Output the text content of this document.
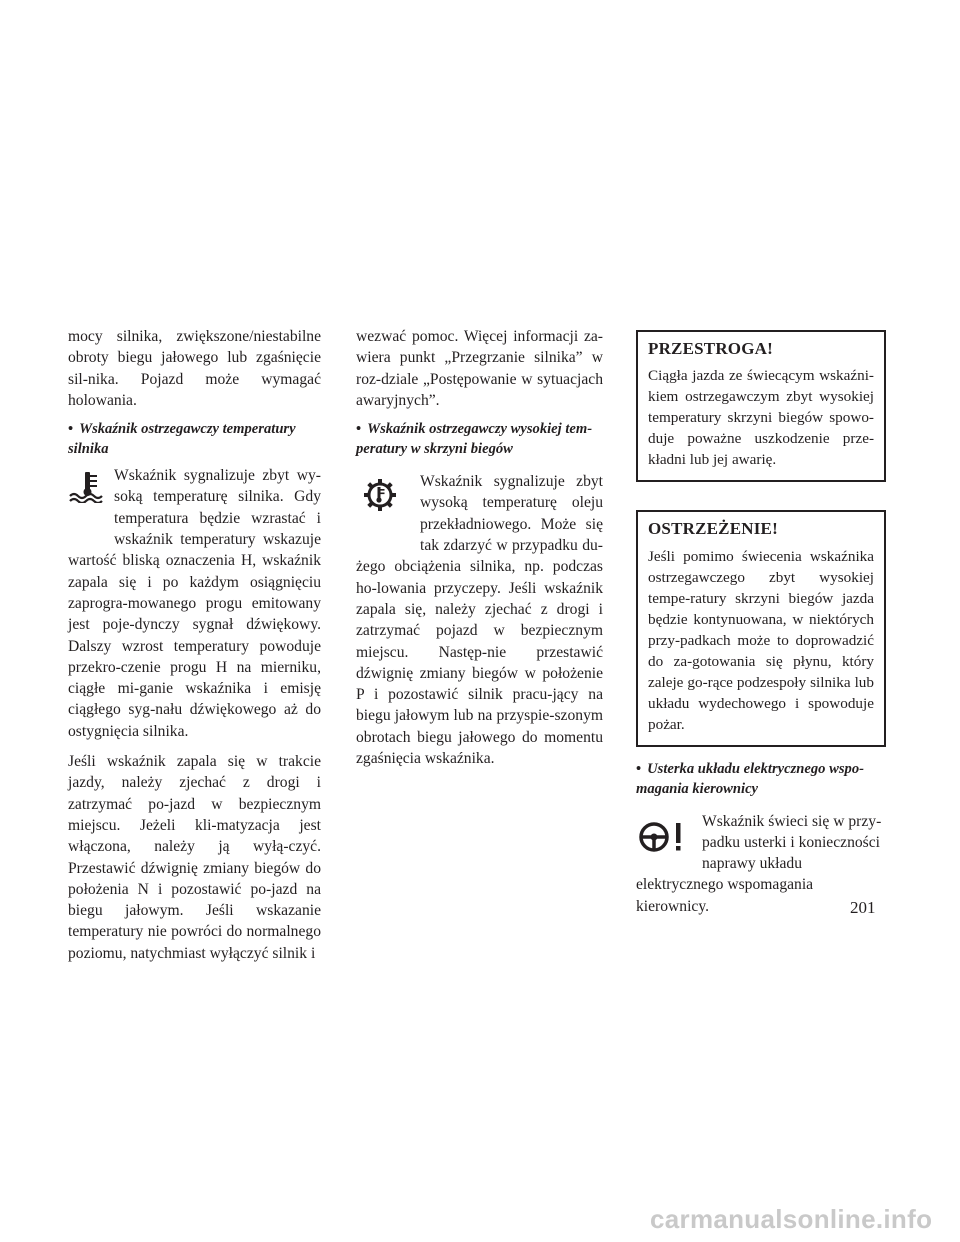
mocy silnika, zwiększone/niestabilne obroty biegu jałowego lub zgaśnięcie sil-nika. Pojazd może wymagać holowania.

• Wskaźnik ostrzegawczy temperatury silnika

Wskaźnik sygnalizuje zbyt wy-soką temperaturę silnika. Gdy temperatura będzie wzrastać i wskaźnik temperatury wskazuje wartość bliską oznaczenia H, wskaźnik zapala się i po każdym osiągnięciu zaprogra-mowanego progu emitowany jest poje-dynczy sygnał dźwiękowy. Dalszy wzrost temperatury powoduje przekro-czenie progu H na mierniku, ciągłe mi-ganie wskaźnika i emisję ciągłego syg-nału dźwiękowego aż do ostygnięcia silnika.

Jeśli wskaźnik zapala się w trakcie jazdy, należy zjechać z drogi i zatrzymać po-jazd w bezpiecznym miejscu. Jeżeli kli-matyzacja jest włączona, należy ją wyłą-czyć. Przestawić dźwignię zmiany biegów do położenia N i pozostawić po-jazd na biegu jałowym. Jeśli wskazanie temperatury nie powróci do normalnego poziomu, natychmiast wyłączyć silnik i

wezwać pomoc. Więcej informacji za-wiera punkt „Przegrzanie silnika” w roz-dziale „Postępowanie w sytuacjach awaryjnych”.

• Wskaźnik ostrzegawczy wysokiej tem-peratury w skrzyni biegów

Wskaźnik sygnalizuje zbyt wysoką temperaturę oleju przekładniowego. Może się tak zdarzyć w przypadku du-żego obciążenia silnika, np. podczas ho-lowania przyczepy. Jeśli wskaźnik zapala się, należy zjechać z drogi i zatrzymać pojazd w bezpiecznym miejscu. Następ-nie przestawić dźwignię zmiany biegów w położenie P i pozostawić silnik pracu-jący na biegu jałowym lub na przyspie-szonym obrotach biegu jałowego do momentu zgaśnięcia wskaźnika.

PRZESTROGA!

Ciągła jazda ze świecącym wskaźni-kiem ostrzegawczym zbyt wysokiej temperatury skrzyni biegów spowo-duje poważne uszkodzenie prze-kładni lub jej awarię.

OSTRZEŻENIE!

Jeśli pomimo świecenia wskaźnika ostrzegawczego zbyt wysokiej tempe-ratury skrzyni biegów jazda będzie kontynuowana, w niektórych przy-padkach może to doprowadzić do za-gotowania się płynu, który zaleje go-rące podzespoły silnika lub układu wydechowego i spowoduje pożar.

• Usterka układu elektrycznego wspo-magania kierownicy

Wskaźnik świeci się w przy-padku usterki i konieczności naprawy układu elektrycznego wspomagania kierownicy.	201
carmanualsonline.info
